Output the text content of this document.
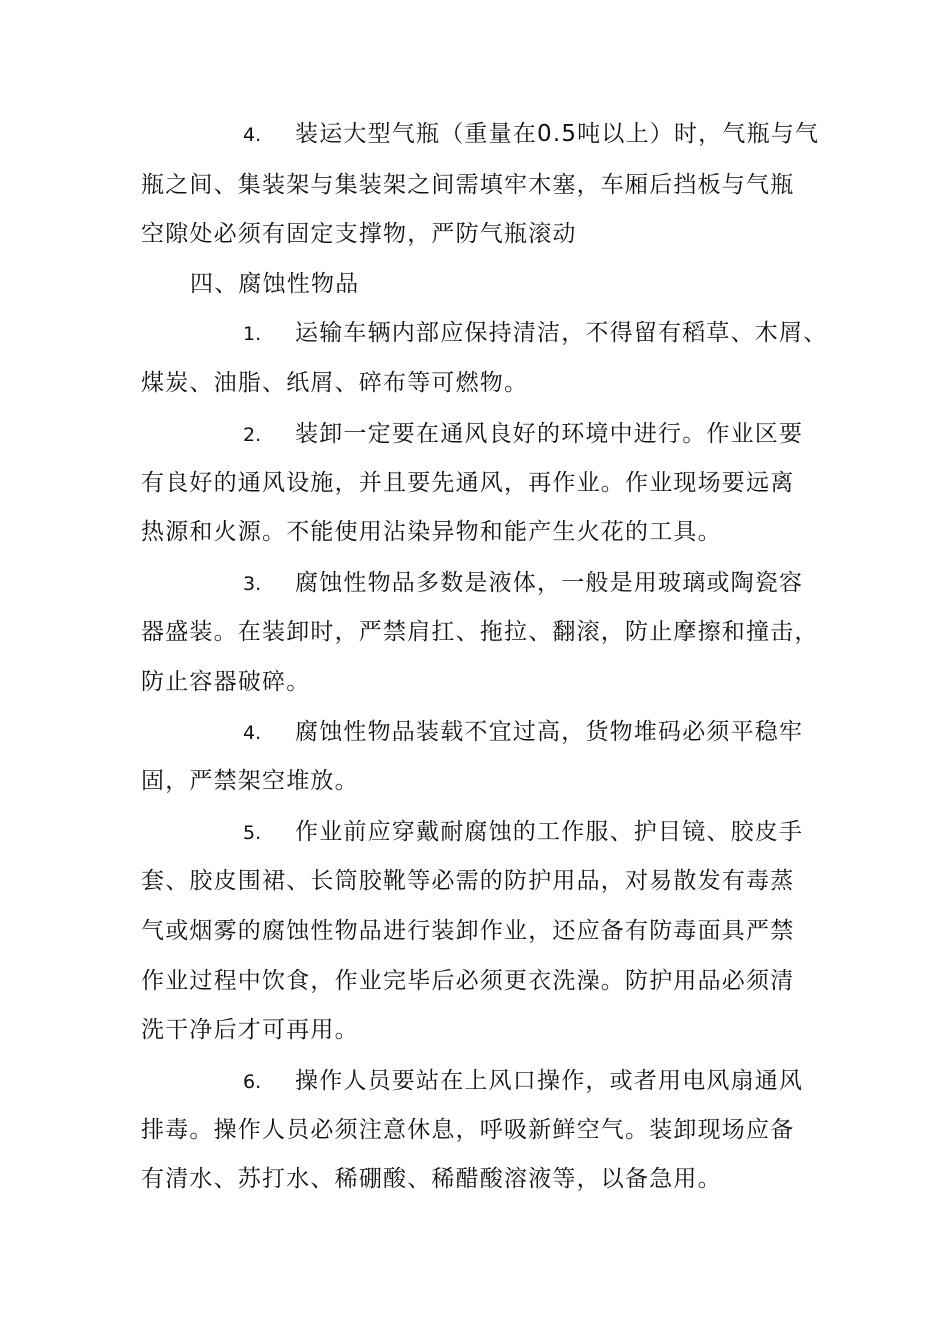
4. 装运大型气瓶（重量在0.5吨以上）时，气瓶与气
瓶之间、集装架与集装架之间需填牢木塞，车厢后挡板与气瓶
空隙处必须有固定支撑物，严防气瓶滚动
四、腐蚀性物品
1. 运输车辆内部应保持清洁，不得留有稻草、木屑、
煤炭、油脂、纸屑、碎布等可燃物。
2. 装卸一定要在通风良好的环境中进行。作业区要
有良好的通风设施，并且要先通风，再作业。作业现场要远离
热源和火源。不能使用沾染异物和能产生火花的工具。
3. 腐蚀性物品多数是液体，一般是用玻璃或陶瓷容
器盛装。在装卸时，严禁肩扛、拖拉、翻滚，防止摩擦和撞击，
防止容器破碎。
4. 腐蚀性物品装载不宜过高，货物堆码必须平稳牢
固，严禁架空堆放。
5. 作业前应穿戴耐腐蚀的工作服、护目镜、胶皮手
套、胶皮围裙、长筒胶靴等必需的防护用品，对易散发有毒蒸
气或烟雾的腐蚀性物品进行装卸作业，还应备有防毒面具严禁
作业过程中饮食，作业完毕后必须更衣洗澡。防护用品必须清
洗干净后才可再用。
6. 操作人员要站在上风口操作，或者用电风扇通风
排毒。操作人员必须注意休息，呼吸新鲜空气。装卸现场应备
有清水、苏打水、稀硼酸、稀醋酸溶液等，以备急用。
